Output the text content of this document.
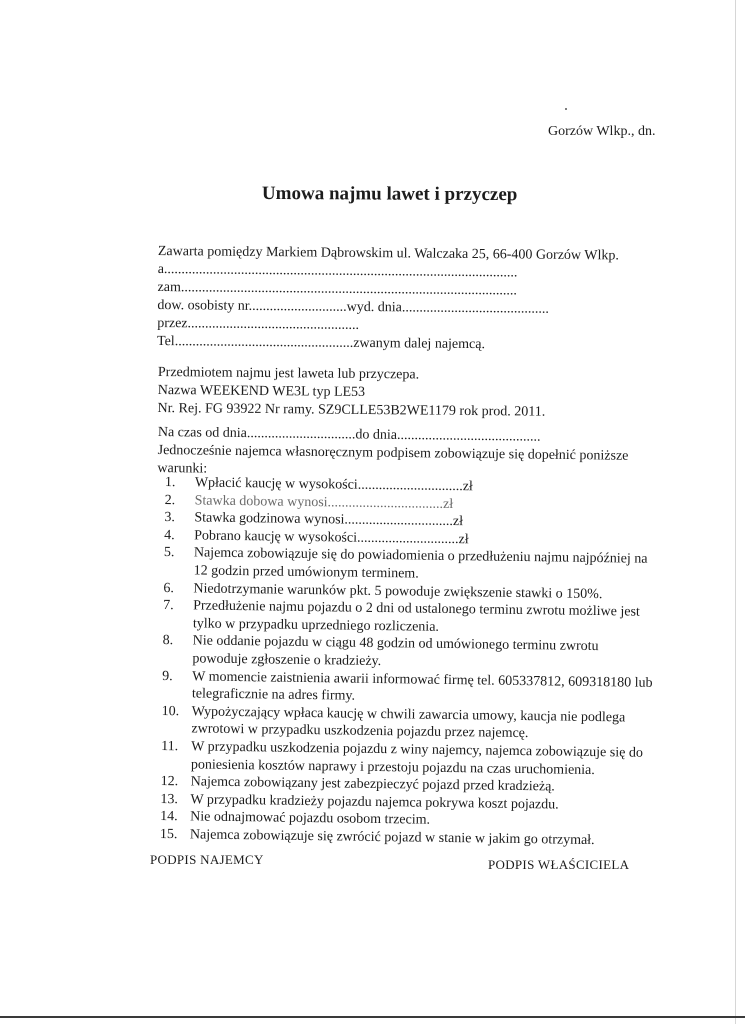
Gorzów Wlkp., dn.
Umowa najmu lawet i przyczep
Zawarta pomiędzy Markiem Dąbrowskim ul. Walczaka 25, 66-400 Gorzów Wlkp.
a.....................................................................................................
zam................................................................................................
dow. osobisty nr............................wyd. dnia..........................................
przez.................................................
Tel...................................................zwanym dalej najemcą.
Przedmiotem najmu jest laweta lub przyczepa.
Nazwa WEEKEND WE3L typ LE53
Nr. Rej. FG 93922 Nr ramy. SZ9CLLE53B2WE1179 rok prod. 2011.
Na czas od dnia...............................do dnia.........................................
Jednocześnie najemca własnoręcznym podpisem zobowiązuje się dopełnić poniższe
warunki:
1.	Wpłacić kaucję w wysokości..............................zł
2.	Stawka dobowa wynosi.................................zł
3.	Stawka godzinowa wynosi...............................zł
4.	Pobrano kaucję w wysokości.............................zł
5.	Najemca zobowiązuje się do powiadomienia o przedłużeniu najmu najpóźniej na
12 godzin przed umówionym terminem.
6.	Niedotrzymanie warunków pkt. 5 powoduje zwiększenie stawki o 150%.
7.	Przedłużenie najmu pojazdu o 2 dni od ustalonego terminu zwrotu możliwe jest
tylko w przypadku uprzedniego rozliczenia.
8.	Nie oddanie pojazdu w ciągu 48 godzin od umówionego terminu zwrotu
powoduje zgłoszenie o kradzieży.
9.	W momencie zaistnienia awarii informować firmę tel. 605337812, 609318180 lub
telegraficznie na adres firmy.
10. Wypożyczający wpłaca kaucję w chwili zawarcia umowy, kaucja nie podlega
zwrotowi w przypadku uszkodzenia pojazdu przez najemcę.
11. W przypadku uszkodzenia pojazdu z winy najemcy, najemca zobowiązuje się do
poniesienia kosztów naprawy i przestoju pojazdu na czas uruchomienia.
12. Najemca zobowiązany jest zabezpieczyć pojazd przed kradzieżą.
13. W przypadku kradzieży pojazdu najemca pokrywa koszt pojazdu.
14. Nie odnajmować pojazdu osobom trzecim.
15. Najemca zobowiązuje się zwrócić pojazd w stanie w jakim go otrzymał.
PODPIS NAJEMCY	PODPIS WŁAŚCICIELA
